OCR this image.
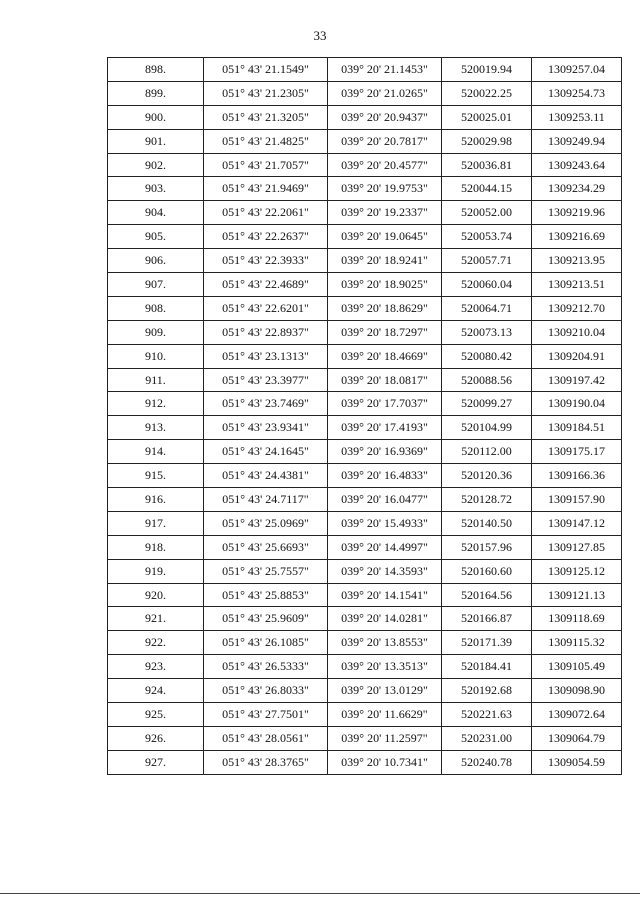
33
898.	051° 43' 21.1549"	039° 20' 21.1453"	520019.94	1309257.04
899.	051° 43' 21.2305"	039° 20' 21.0265"	520022.25	1309254.73
900.	051° 43' 21.3205"	039° 20' 20.9437"	520025.01	1309253.11
901.	051° 43' 21.4825"	039° 20' 20.7817"	520029.98	1309249.94
902.	051° 43' 21.7057"	039° 20' 20.4577"	520036.81	1309243.64
903.	051° 43' 21.9469"	039° 20' 19.9753"	520044.15	1309234.29
904.	051° 43' 22.2061"	039° 20' 19.2337"	520052.00	1309219.96
905.	051° 43' 22.2637"	039° 20' 19.0645"	520053.74	1309216.69
906.	051° 43' 22.3933"	039° 20' 18.9241"	520057.71	1309213.95
907.	051° 43' 22.4689"	039° 20' 18.9025"	520060.04	1309213.51
908.	051° 43' 22.6201"	039° 20' 18.8629"	520064.71	1309212.70
909.	051° 43' 22.8937"	039° 20' 18.7297"	520073.13	1309210.04
910.	051° 43' 23.1313"	039° 20' 18.4669"	520080.42	1309204.91
911.	051° 43' 23.3977"	039° 20' 18.0817"	520088.56	1309197.42
912.	051° 43' 23.7469"	039° 20' 17.7037"	520099.27	1309190.04
913.	051° 43' 23.9341"	039° 20' 17.4193"	520104.99	1309184.51
914.	051° 43' 24.1645"	039° 20' 16.9369"	520112.00	1309175.17
915.	051° 43' 24.4381"	039° 20' 16.4833"	520120.36	1309166.36
916.	051° 43' 24.7117"	039° 20' 16.0477"	520128.72	1309157.90
917.	051° 43' 25.0969"	039° 20' 15.4933"	520140.50	1309147.12
918.	051° 43' 25.6693"	039° 20' 14.4997"	520157.96	1309127.85
919.	051° 43' 25.7557"	039° 20' 14.3593"	520160.60	1309125.12
920.	051° 43' 25.8853"	039° 20' 14.1541"	520164.56	1309121.13
921.	051° 43' 25.9609"	039° 20' 14.0281"	520166.87	1309118.69
922.	051° 43' 26.1085"	039° 20' 13.8553"	520171.39	1309115.32
923.	051° 43' 26.5333"	039° 20' 13.3513"	520184.41	1309105.49
924.	051° 43' 26.8033"	039° 20' 13.0129"	520192.68	1309098.90
925.	051° 43' 27.7501"	039° 20' 11.6629"	520221.63	1309072.64
926.	051° 43' 28.0561"	039° 20' 11.2597"	520231.00	1309064.79
927.	051° 43' 28.3765"	039° 20' 10.7341"	520240.78	1309054.59
